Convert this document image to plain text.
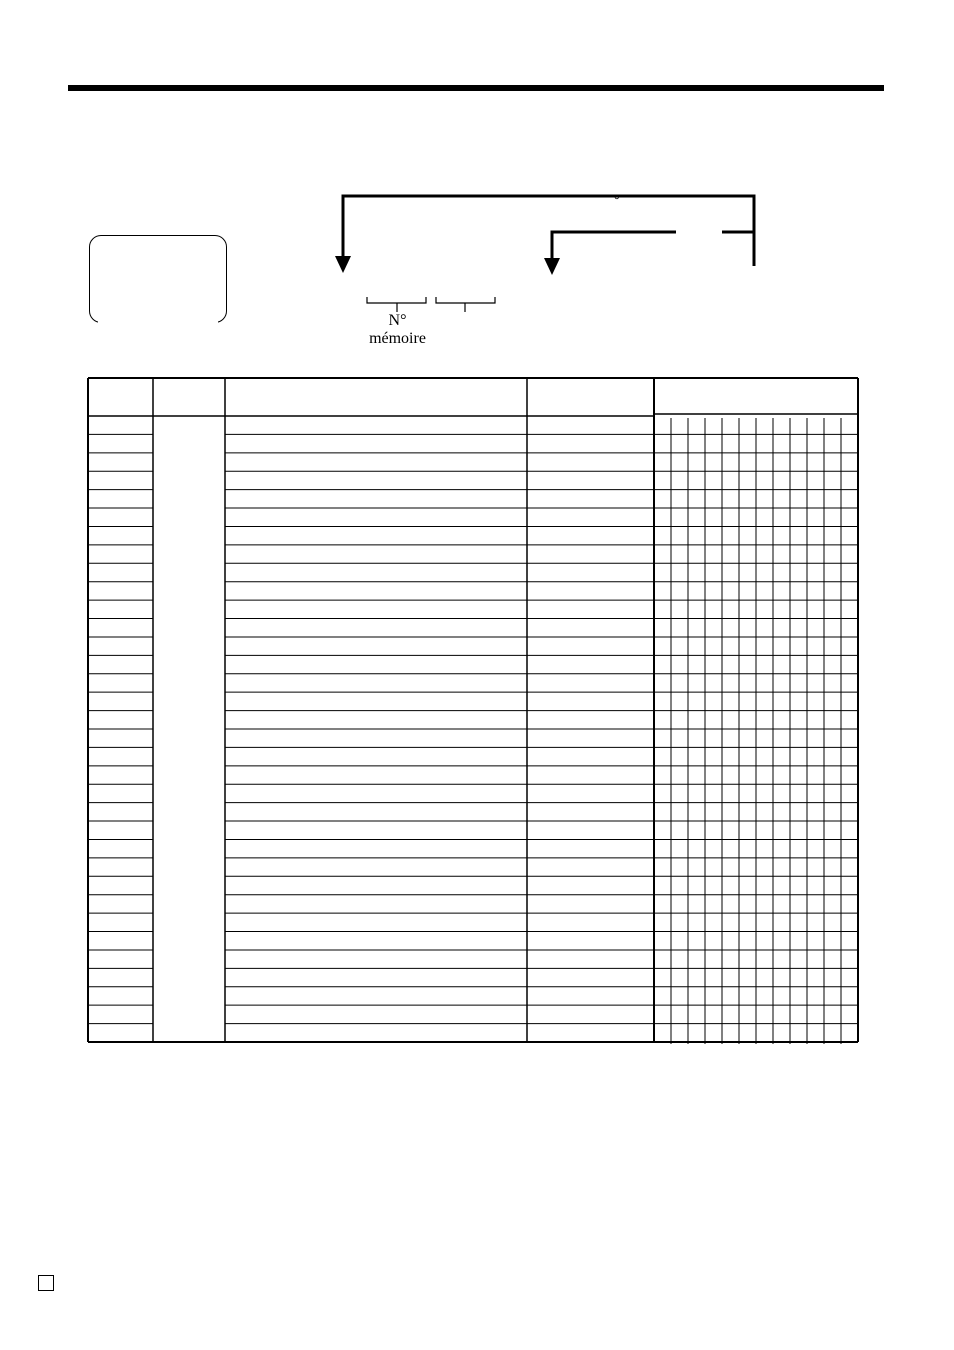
°
N°
mémoire
